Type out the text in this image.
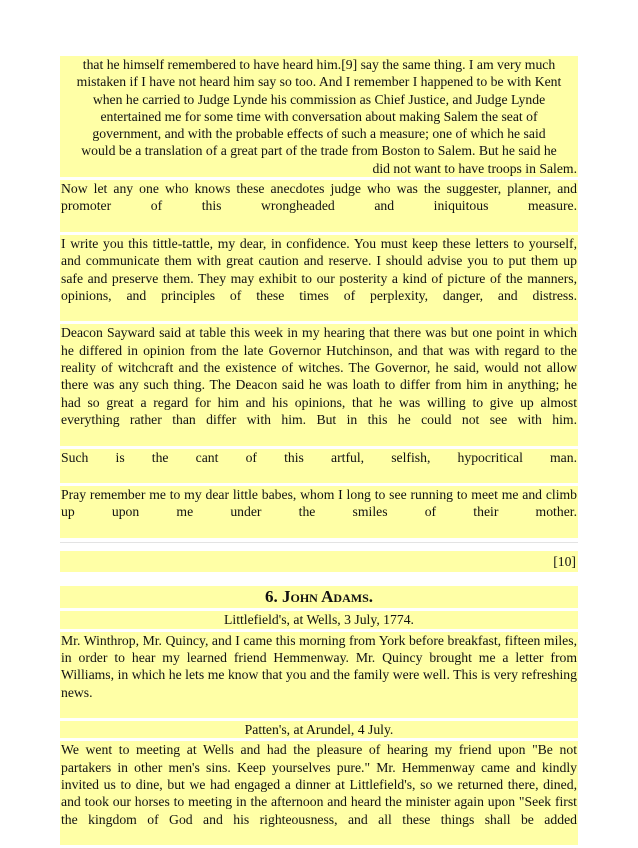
that he himself remembered to have heard him.[9] say the same thing. I am very much
mistaken if I have not heard him say so too. And I remember I happened to be with Kent
when he carried to Judge Lynde his commission as Chief Justice, and Judge Lynde
entertained me for some time with conversation about making Salem the seat of
government, and with the probable effects of such a measure; one of which he said
would be a translation of a great part of the trade from Boston to Salem. But he said he
did not want to have troops in Salem.

Now let any one who knows these anecdotes judge who was the suggester, planner, and promoter of this wrongheaded and iniquitous measure.

I write you this tittle-tattle, my dear, in confidence. You must keep these letters to yourself, and communicate them with great caution and reserve. I should advise you to put them up safe and preserve them. They may exhibit to our posterity a kind of picture of the manners, opinions, and principles of these times of perplexity, danger, and distress.

Deacon Sayward said at table this week in my hearing that there was but one point in which he differed in opinion from the late Governor Hutchinson, and that was with regard to the reality of witchcraft and the existence of witches. The Governor, he said, would not allow there was any such thing. The Deacon said he was loath to differ from him in anything; he had so great a regard for him and his opinions, that he was willing to give up almost everything rather than differ with him. But in this he could not see with him.

Such is the cant of this artful, selfish, hypocritical man.

Pray remember me to my dear little babes, whom I long to see running to meet me and climb up upon me under the smiles of their mother.

[10]
6. John Adams.
Littlefield's, at Wells, 3 July, 1774.

Mr. Winthrop, Mr. Quincy, and I came this morning from York before breakfast, fifteen miles, in order to hear my learned friend Hemmenway. Mr. Quincy brought me a letter from Williams, in which he lets me know that you and the family were well. This is very refreshing news.

Patten's, at Arundel, 4 July.

We went to meeting at Wells and had the pleasure of hearing my friend upon "Be not partakers in other men's sins. Keep yourselves pure." Mr. Hemmenway came and kindly invited us to dine, but we had engaged a dinner at Littlefield's, so we returned there, dined, and took our horses to meeting in the afternoon and heard the minister again upon "Seek first the kingdom of God and his righteousness, and all these things shall be added
